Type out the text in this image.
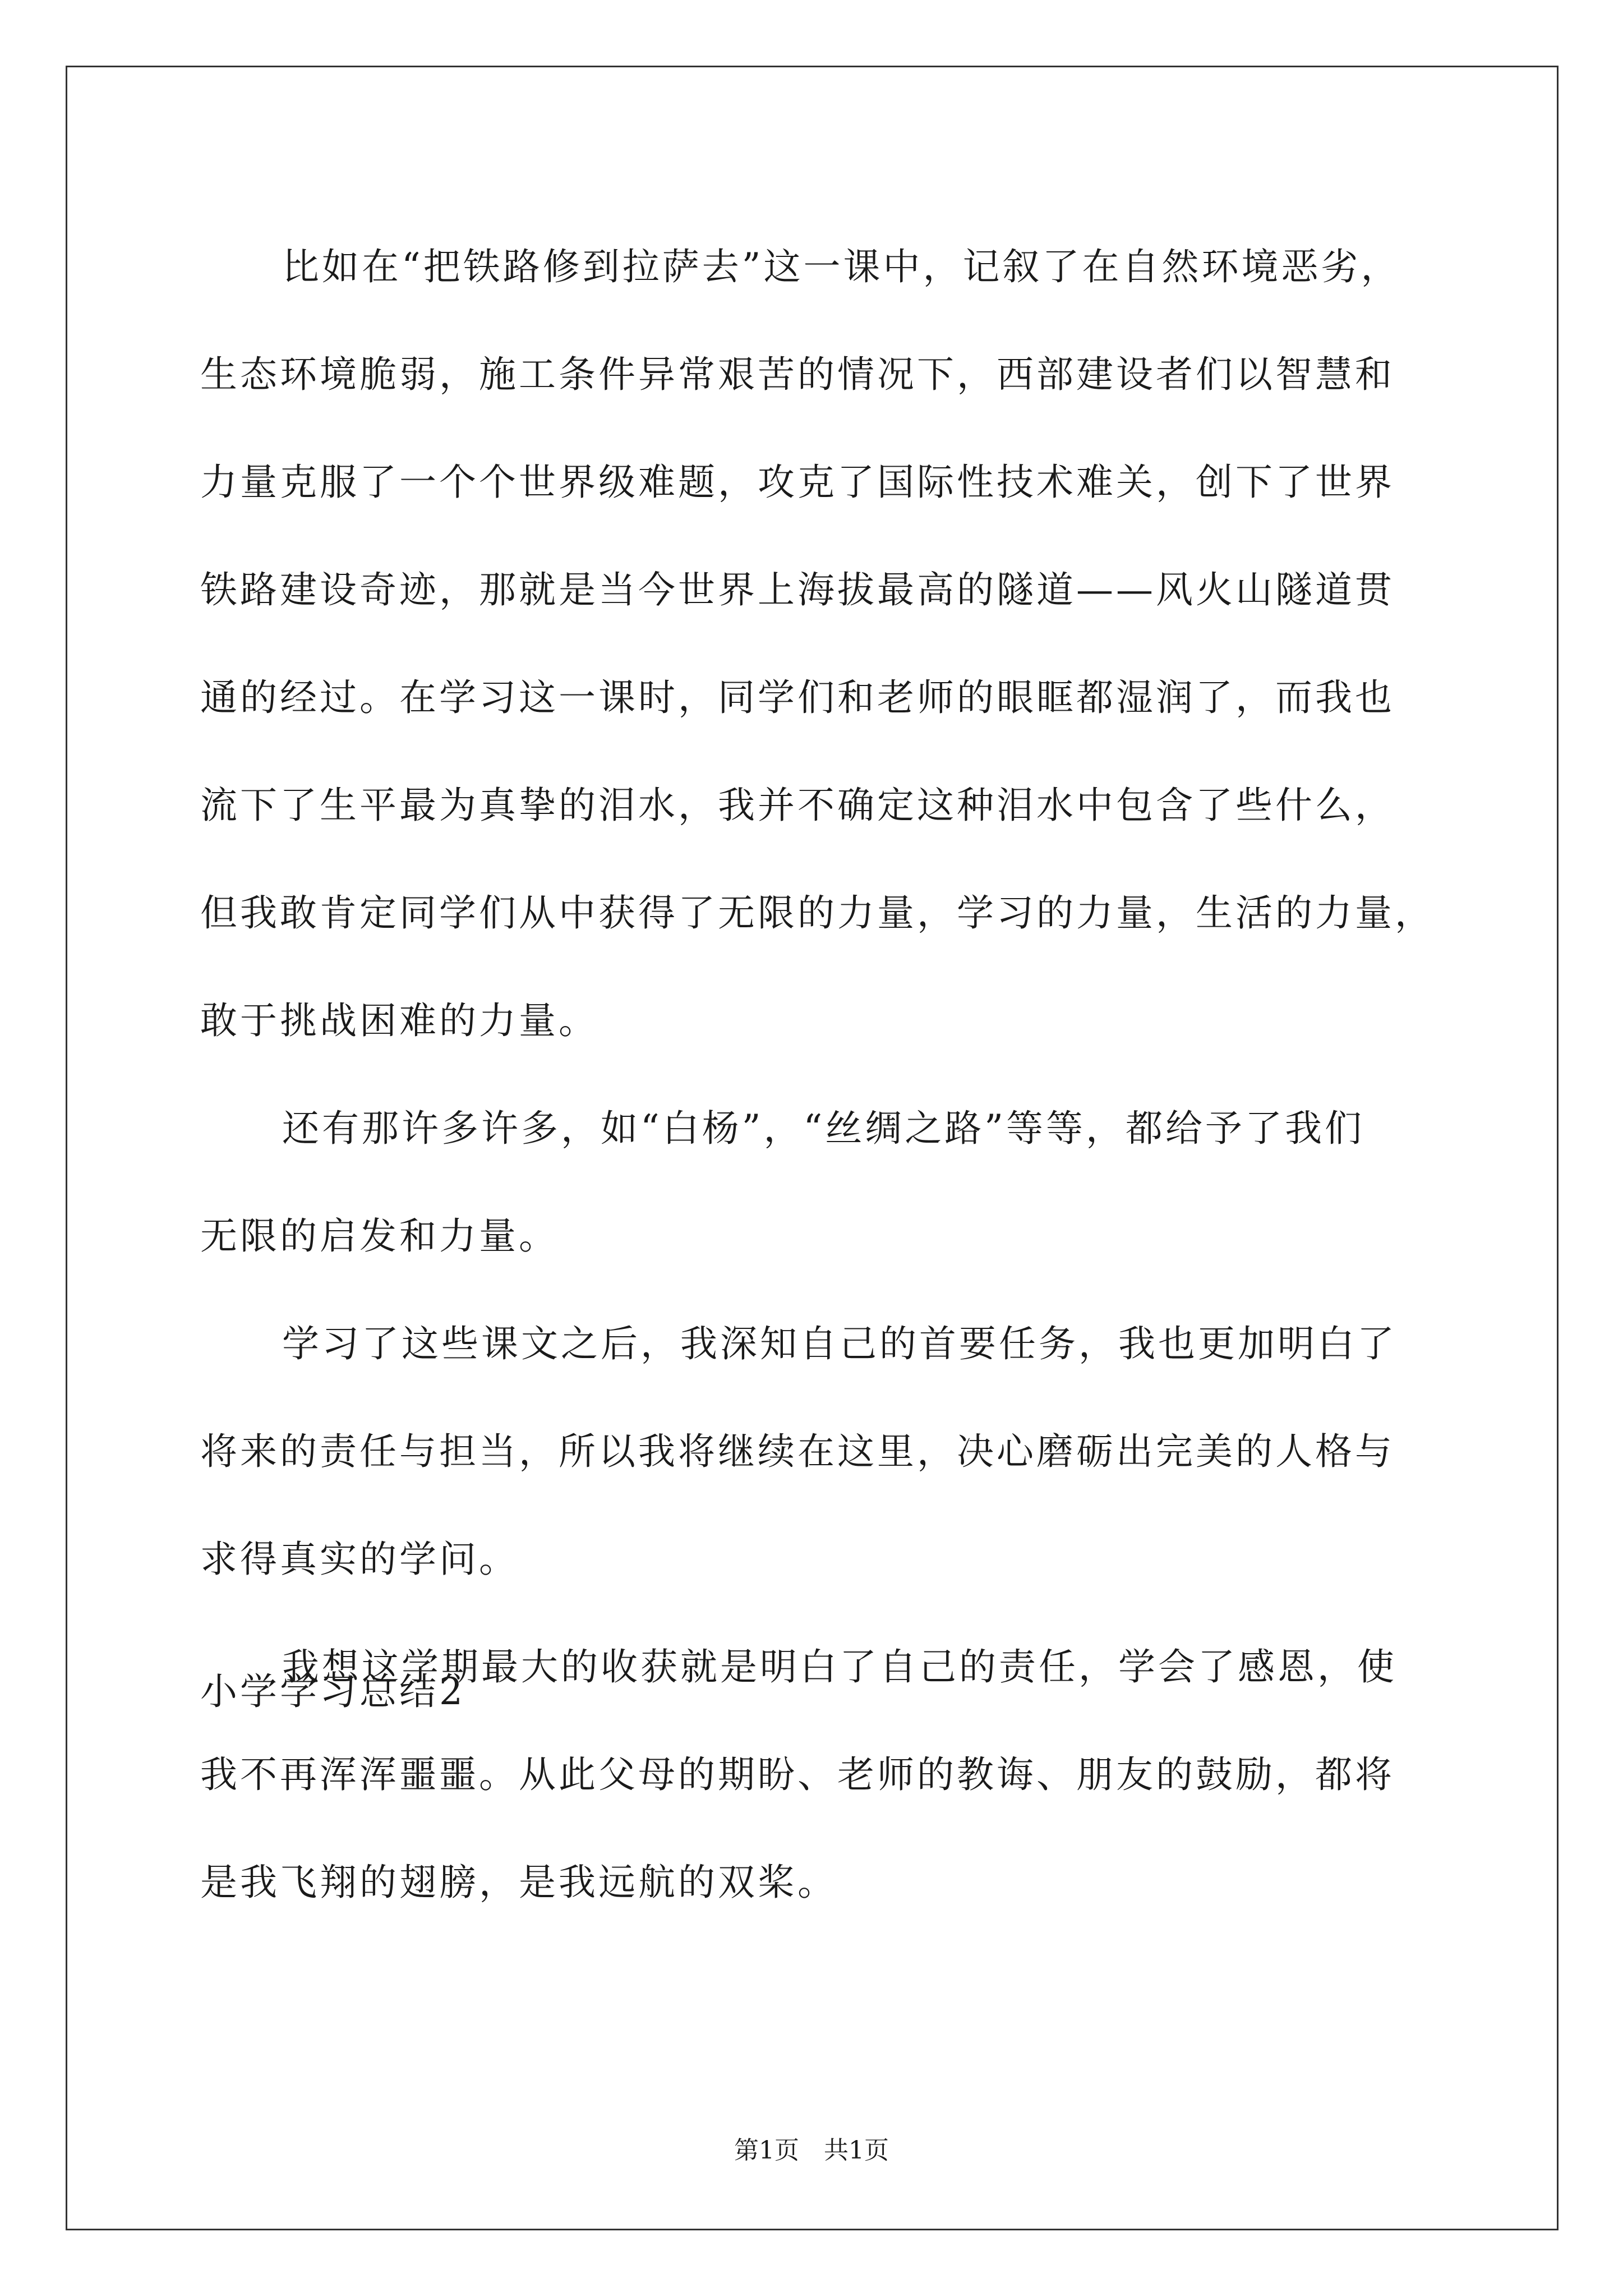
比如在“把铁路修到拉萨去”这一课中，记叙了在自然环境恶劣，
生态环境脆弱，施工条件异常艰苦的情况下，西部建设者们以智慧和
力量克服了一个个世界级难题，攻克了国际性技术难关，创下了世界
铁路建设奇迹，那就是当今世界上海拔最高的隧道——风火山隧道贯
通的经过。在学习这一课时，同学们和老师的眼眶都湿润了，而我也
流下了生平最为真挚的泪水，我并不确定这种泪水中包含了些什么，
但我敢肯定同学们从中获得了无限的力量，学习的力量，生活的力量，
敢于挑战困难的力量。
还有那许多许多，如“白杨”，“丝绸之路”等等，都给予了我们
无限的启发和力量。
学习了这些课文之后，我深知自己的首要任务，我也更加明白了
将来的责任与担当，所以我将继续在这里，决心磨砺出完美的人格与
求得真实的学问。
我想这学期最大的收获就是明白了自己的责任，学会了感恩，使
我不再浑浑噩噩。从此父母的期盼、老师的教诲、朋友的鼓励，都将
是我飞翔的翅膀，是我远航的双桨。
小学学习总结2
第1页 共1页
